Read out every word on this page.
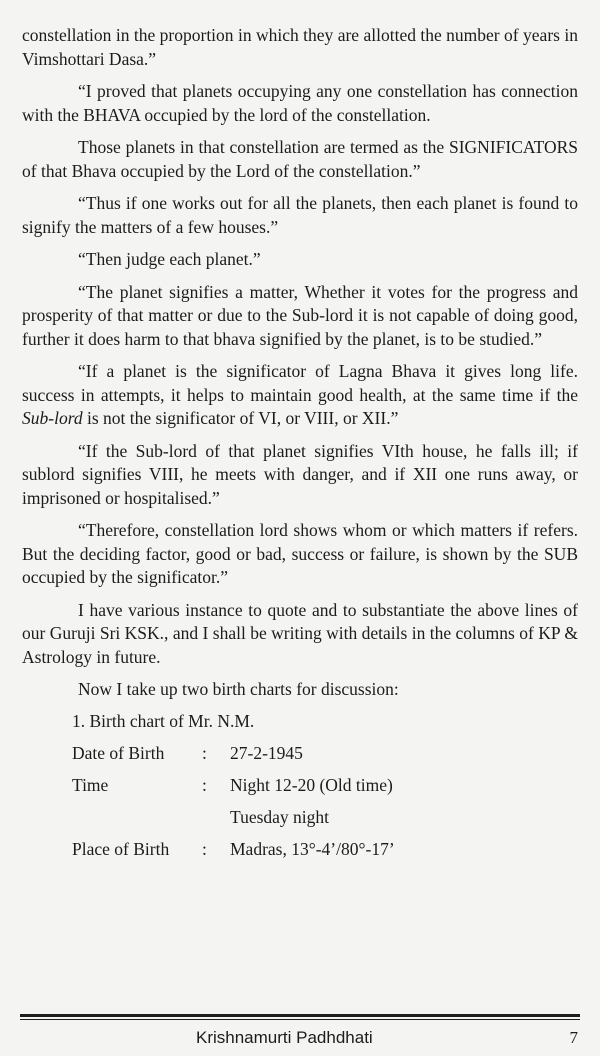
constellation in the proportion in which they are allotted the number of years in Vimshottari Dasa.”

“I proved that planets occupying any one constellation has connection with the BHAVA occupied by the lord of the constellation.

Those planets in that constellation are termed as the SIGNIFICATORS of that Bhava occupied by the Lord of the constellation.”

“Thus if one works out for all the planets, then each planet is found to signify the matters of a few houses.”

“Then judge each planet.”

“The planet signifies a matter, Whether it votes for the progress and prosperity of that matter or due to the Sub-lord it is not capable of doing good, further it does harm to that bhava signified by the planet, is to be studied.”

“If a planet is the significator of Lagna Bhava it gives long life. success in attempts, it helps to maintain good health, at the same time if the Sub-lord is not the significator of VI, or VIII, or XII.”

“If the Sub-lord of that planet signifies VIth house, he falls ill; if sublord signifies VIII, he meets with danger, and if XII one runs away, or imprisoned or hospitalised.”

“Therefore, constellation lord shows whom or which matters if refers. But the deciding factor, good or bad, success or failure, is shown by the SUB occupied by the significator.”

I have various instance to quote and to substantiate the above lines of our Guruji Sri KSK., and I shall be writing with details in the columns of KP & Astrology in future.

Now I take up two birth charts for discussion:

1. Birth chart of Mr. N.M.
Date of Birth	:	27-2-1945
Time	:	Night 12-20 (Old time)
Tuesday night
Place of Birth	:	Madras, 13°-4’/80°-17’
Krishnamurti Padhdhati	7
